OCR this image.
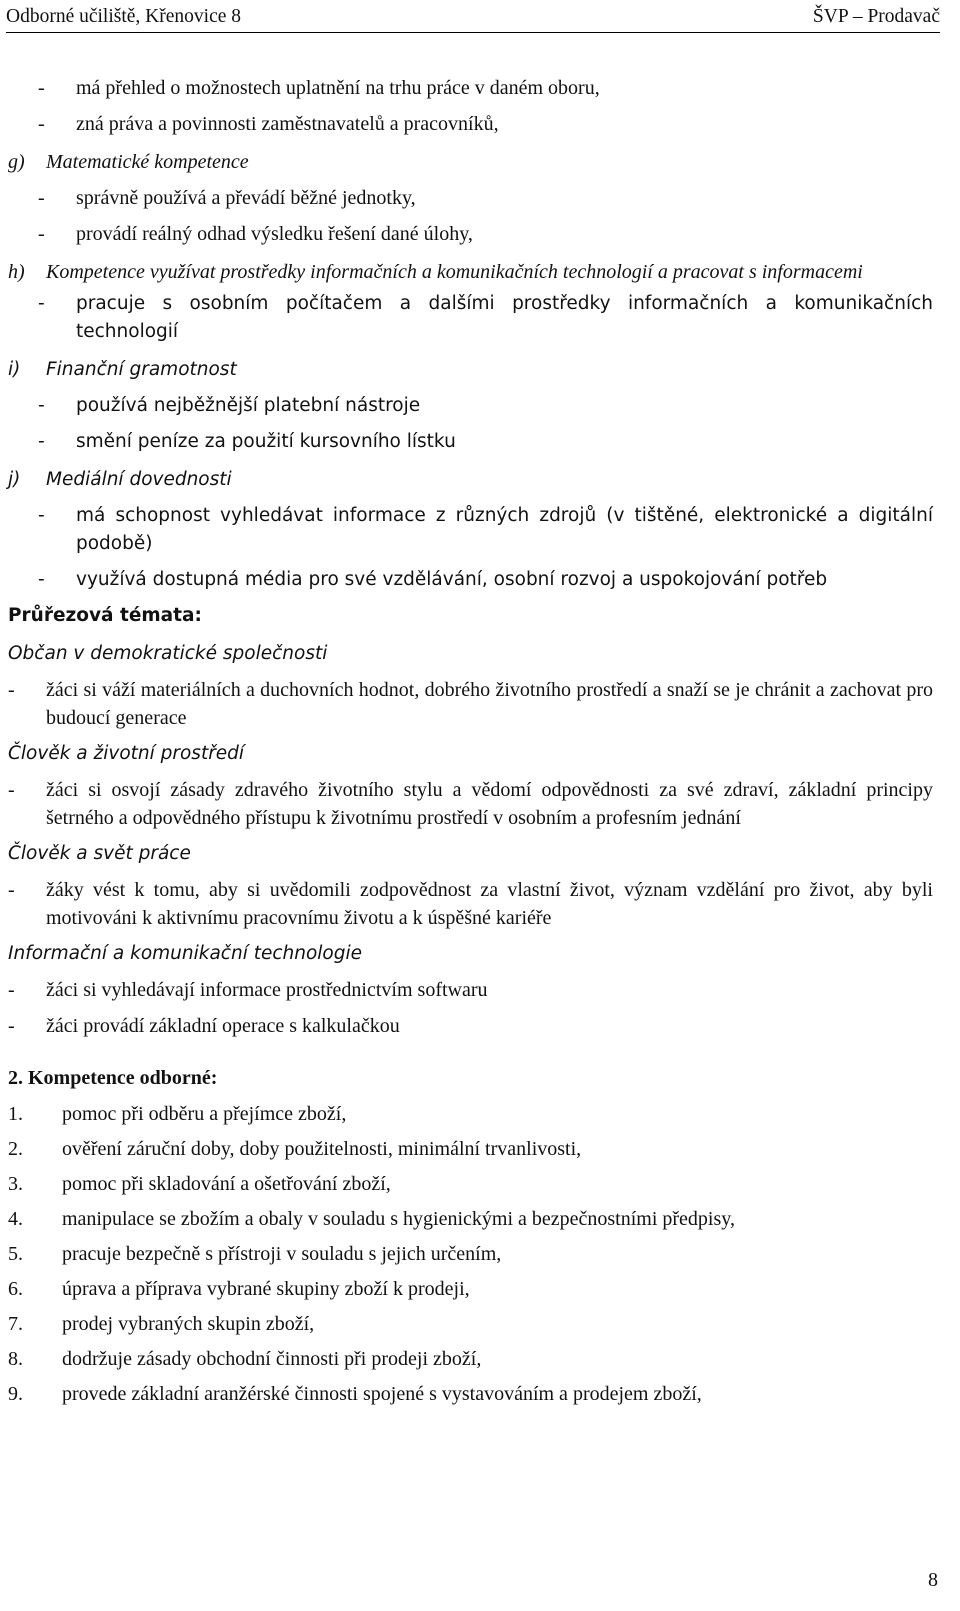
Odborné učiliště, Křenovice 8	ŠVP – Prodavač
- má přehled o možnostech uplatnění na trhu práce v daném oboru,
- zná práva a povinnosti zaměstnavatelů a pracovníků,
g) Matematické kompetence
- správně používá a převádí běžné jednotky,
- provádí reálný odhad výsledku řešení dané úlohy,
h) Kompetence využívat prostředky informačních a komunikačních technologií a pracovat s informacemi
- pracuje s osobním počítačem a dalšími prostředky informačních a komunikačních technologií
i) Finanční gramotnost
- používá nejběžnější platební nástroje
- smění peníze za použití kursovního lístku
j) Mediální dovednosti
- má schopnost vyhledávat informace z různých zdrojů (v tištěné, elektronické a digitální podobě)
- využívá dostupná média pro své vzdělávání, osobní rozvoj a uspokojování potřeb
Průřezová témata:
Občan v demokratické společnosti
- žáci si váží materiálních a duchovních hodnot, dobrého životního prostředí a snaží se je chránit a zachovat pro budoucí generace
Člověk a životní prostředí
- žáci si osvojí zásady zdravého životního stylu a vědomí odpovědnosti za své zdraví, základní principy šetrného a odpovědného přístupu k životnímu prostředí v osobním a profesním jednání
Člověk a svět práce
- žáky vést k tomu, aby si uvědomili zodpovědnost za vlastní život, význam vzdělání pro život, aby byli motivováni k aktivnímu pracovnímu životu a k úspěšné kariéře
Informační a komunikační technologie
- žáci si vyhledávají informace prostřednictvím softwaru
- žáci provádí základní operace s kalkulačkou
2. Kompetence odborné:
1. pomoc při odběru a přejímce zboží,
2. ověření záruční doby, doby použitelnosti, minimální trvanlivosti,
3. pomoc při skladování a ošetřování zboží,
4. manipulace se zbožím a obaly v souladu s hygienickými a bezpečnostními předpisy,
5. pracuje bezpečně s přístroji v souladu s jejich určením,
6. úprava a příprava vybrané skupiny zboží k prodeji,
7. prodej vybraných skupin zboží,
8. dodržuje zásady obchodní činnosti při prodeji zboží,
9. provede základní aranžérské činnosti spojené s vystavováním a prodejem zboží,
8
